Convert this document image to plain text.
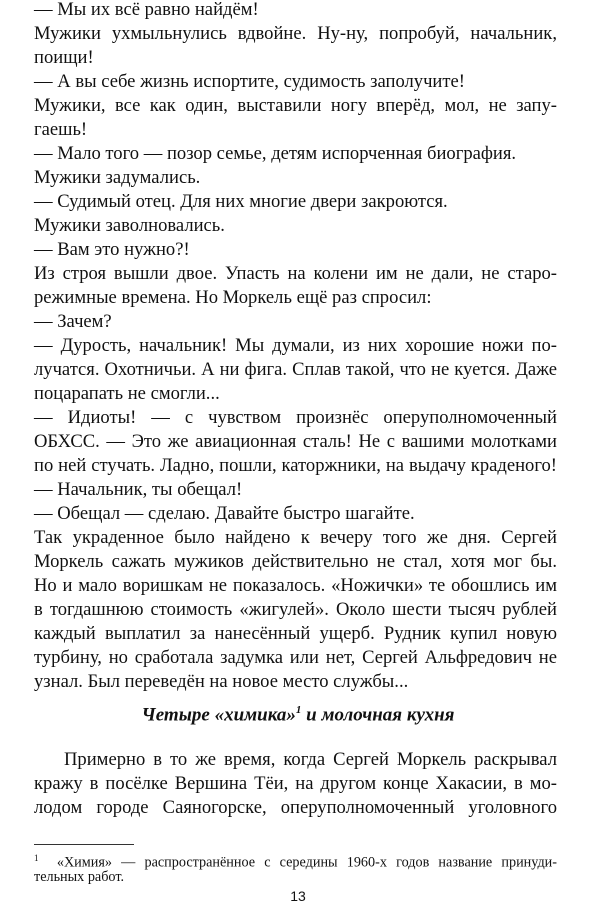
— Мы их всё равно найдём!
Мужики ухмыльнулись вдвойне. Ну-ну, попробуй, начальник,
поищи!
— А вы себе жизнь испортите, судимость заполучите!
Мужики, все как один, выставили ногу вперёд, мол, не запу-
гаешь!
— Мало того — позор семье, детям испорченная биография.
Мужики задумались.
— Судимый отец. Для них многие двери закроются.
Мужики заволновались.
— Вам это нужно?!
Из строя вышли двое. Упасть на колени им не дали, не старо-
режимные времена. Но Моркель ещё раз спросил:
— Зачем?
— Дурость, начальник! Мы думали, из них хорошие ножи по-
лучатся. Охотничьи. А ни фига. Сплав такой, что не куется. Даже
поцарапать не смогли...
— Идиоты! — с чувством произнёс оперуполномоченный
ОБХСС. — Это же авиационная сталь! Не с вашими молотками
по ней стучать. Ладно, пошли, каторжники, на выдачу краденого!
— Начальник, ты обещал!
— Обещал — сделаю. Давайте быстро шагайте.
Так украденное было найдено к вечеру того же дня. Сергей
Моркель сажать мужиков действительно не стал, хотя мог бы.
Но и мало воришкам не показалось. «Ножички» те обошлись им
в тогдашнюю стоимость «жигулей». Около шести тысяч рублей
каждый выплатил за нанесённый ущерб. Рудник купил новую
турбину, но сработала задумка или нет, Сергей Альфредович не
узнал. Был переведён на новое место службы...
Четыре «химика»$^1$ и молочная кухня
Примерно в то же время, когда Сергей Моркель раскрывал
кражу в посёлке Вершина Тёи, на другом конце Хакасии, в мо-
лодом городе Саяногорске, оперуполномоченный уголовного
$^1$ «Химия» — распространённое с середины 1960-х годов название принуди-
тельных работ.
13
